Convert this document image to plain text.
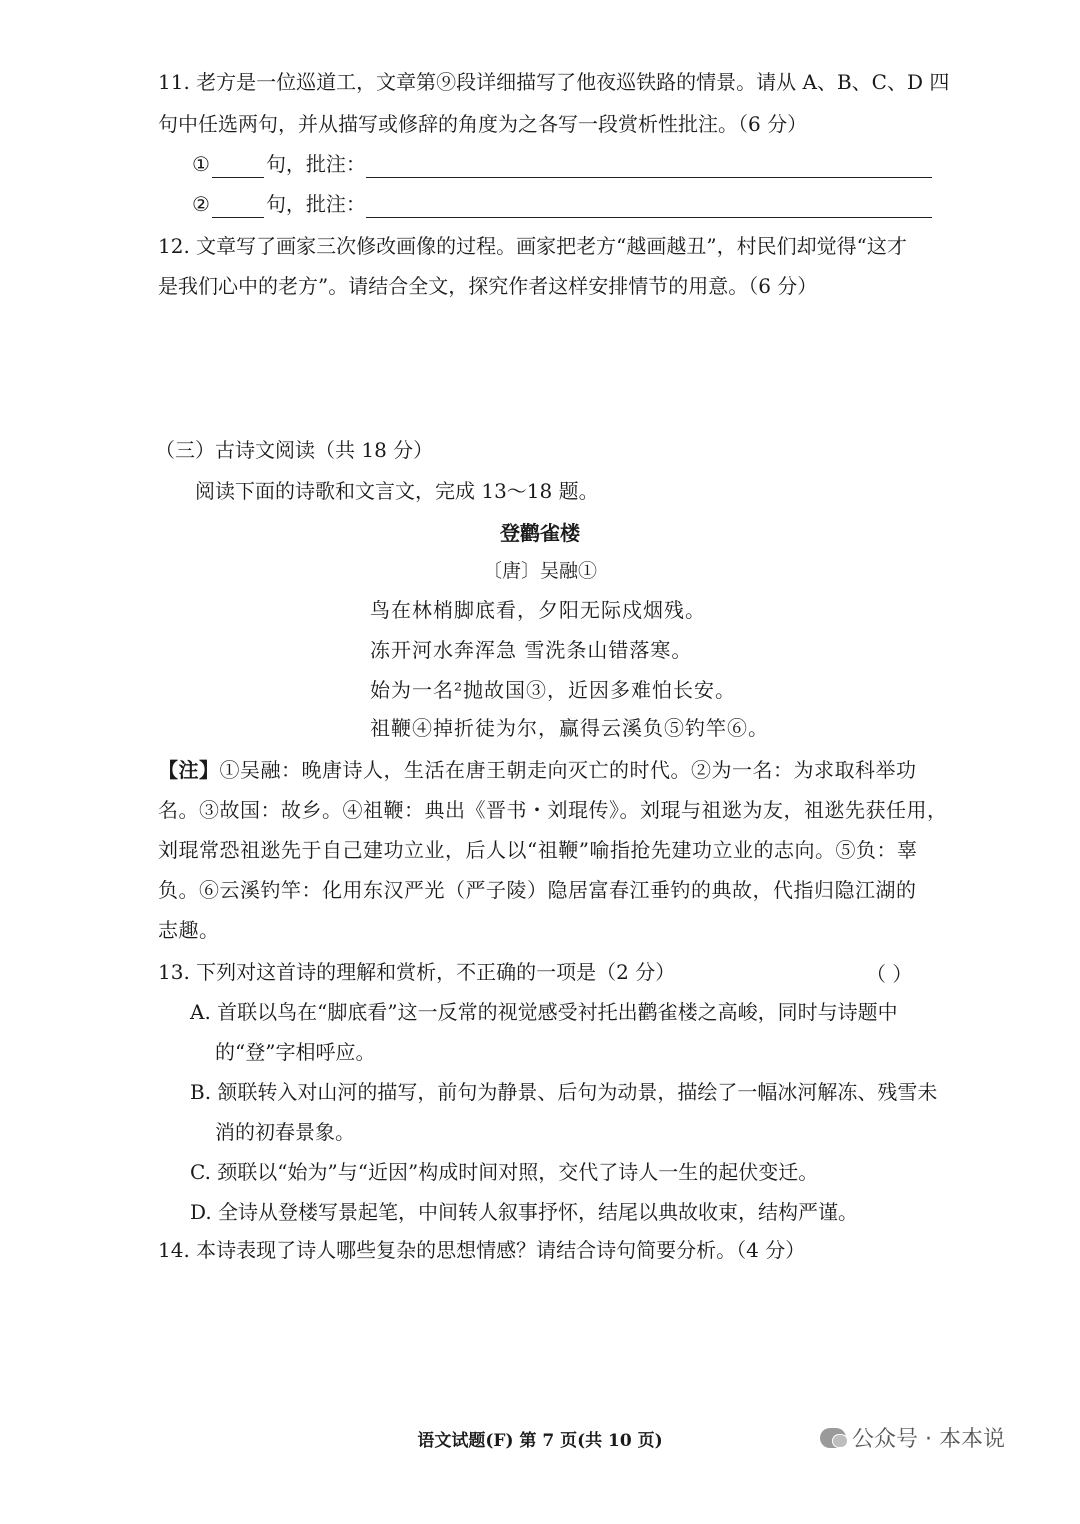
11. 老方是一位巡道工，文章第⑨段详细描写了他夜巡铁路的情景。请从 A、B、C、D 四
句中任选两句，并从描写或修辞的角度为之各写一段赏析性批注。（6 分）
①	句，批注：
②	句，批注：
12. 文章写了画家三次修改画像的过程。画家把老方“越画越丑”，村民们却觉得“这才
是我们心中的老方”。请结合全文，探究作者这样安排情节的用意。（6 分）
（三）古诗文阅读（共 18 分）
阅读下面的诗歌和文言文，完成 13～18 题。
登鹳雀楼
〔唐〕吴融①
鸟在林梢脚底看，夕阳无际戍烟残。
冻开河水奔浑急 雪洗条山错落寒。
始为一名²抛故国③，近因多难怕长安。
祖鞭④掉折徒为尔，赢得云溪负⑤钓竿⑥。
【注】①吴融：晚唐诗人，生活在唐王朝走向灭亡的时代。②为一名：为求取科举功
名。③故国：故乡。④祖鞭：典出《晋书・刘琨传》。刘琨与祖逖为友，祖逖先获任用，
刘琨常恐祖逖先于自己建功立业，后人以“祖鞭”喻指抢先建功立业的志向。⑤负：辜
负。⑥云溪钓竿：化用东汉严光（严子陵）隐居富春江垂钓的典故，代指归隐江湖的
志趣。
13. 下列对这首诗的理解和赏析，不正确的一项是（2 分）	（ ）
A. 首联以鸟在“脚底看”这一反常的视觉感受衬托出鹳雀楼之高峻，同时与诗题中
的“登”字相呼应。
B. 颔联转入对山河的描写，前句为静景、后句为动景，描绘了一幅冰河解冻、残雪未
消的初春景象。
C. 颈联以“始为”与“近因”构成时间对照，交代了诗人一生的起伏变迁。
D. 全诗从登楼写景起笔，中间转人叙事抒怀，结尾以典故收束，结构严谨。
14. 本诗表现了诗人哪些复杂的思想情感？请结合诗句简要分析。（4 分）
语文试题(F) 第 7 页(共 10 页)	公众号 · 本本说
